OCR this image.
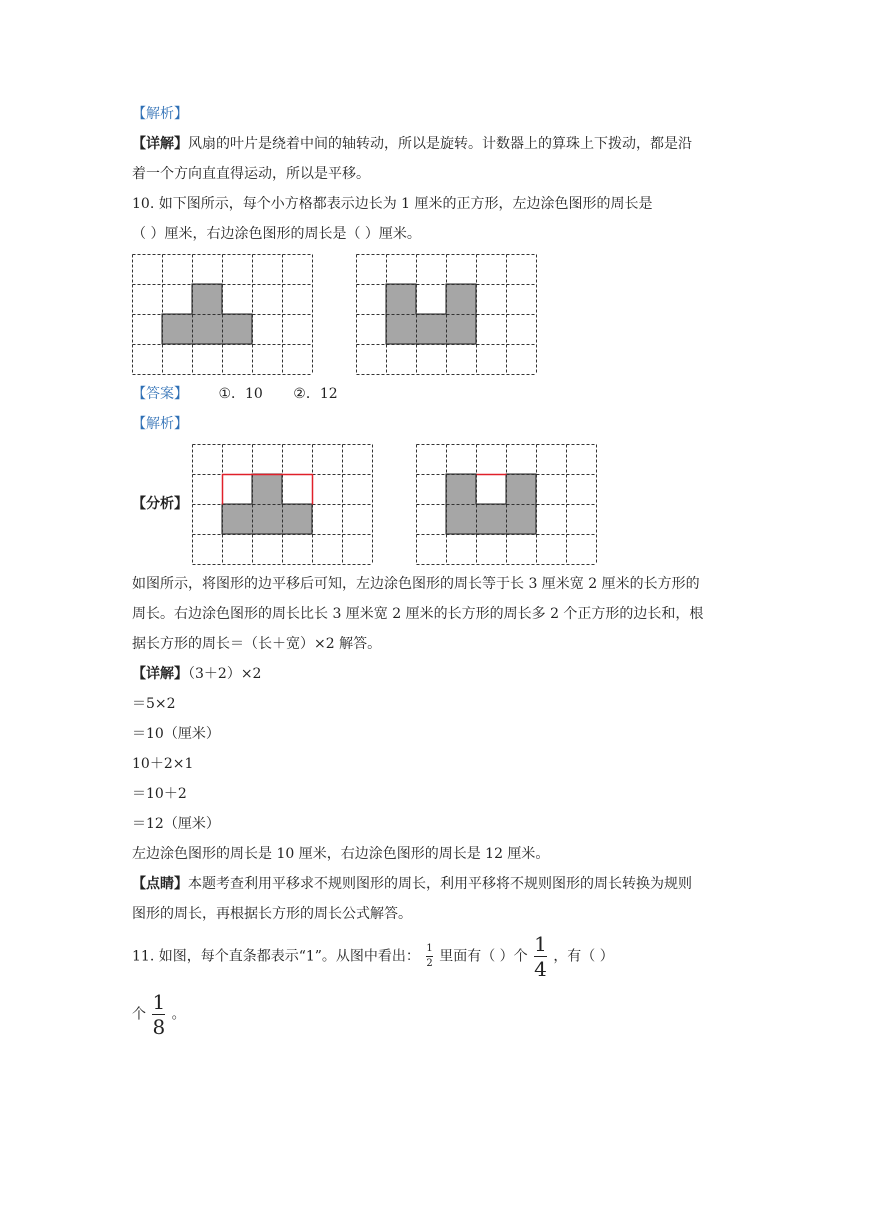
【解析】
【详解】风扇的叶片是绕着中间的轴转动，所以是旋转。计数器上的算珠上下拨动，都是沿
着一个方向直直得运动，所以是平移。
10. 如下图所示，每个小方格都表示边长为 1 厘米的正方形，左边涂色图形的周长是
（ ）厘米，右边涂色图形的周长是（ ）厘米。
【答案】 ①．10 ②．12
【解析】
【分析】
如图所示，将图形的边平移后可知，左边涂色图形的周长等于长 3 厘米宽 2 厘米的长方形的
周长。右边涂色图形的周长比长 3 厘米宽 2 厘米的长方形的周长多 2 个正方形的边长和，根
据长方形的周长＝（长＋宽）×2 解答。
【详解】（3＋2）×2
＝5×2
＝10（厘米）
10＋2×1
＝10＋2
＝12（厘米）
左边涂色图形的周长是 10 厘米，右边涂色图形的周长是 12 厘米。
【点睛】本题考查利用平移求不规则图形的周长，利用平移将不规则图形的周长转换为规则
图形的周长，再根据长方形的周长公式解答。
11. 如图，每个直条都表示“1”。从图中看出： $\frac{1}{2}$ 里面有（ ）个 $\frac{1}{4}$ ，有（ ）
个 $\frac{1}{8}$ 。
